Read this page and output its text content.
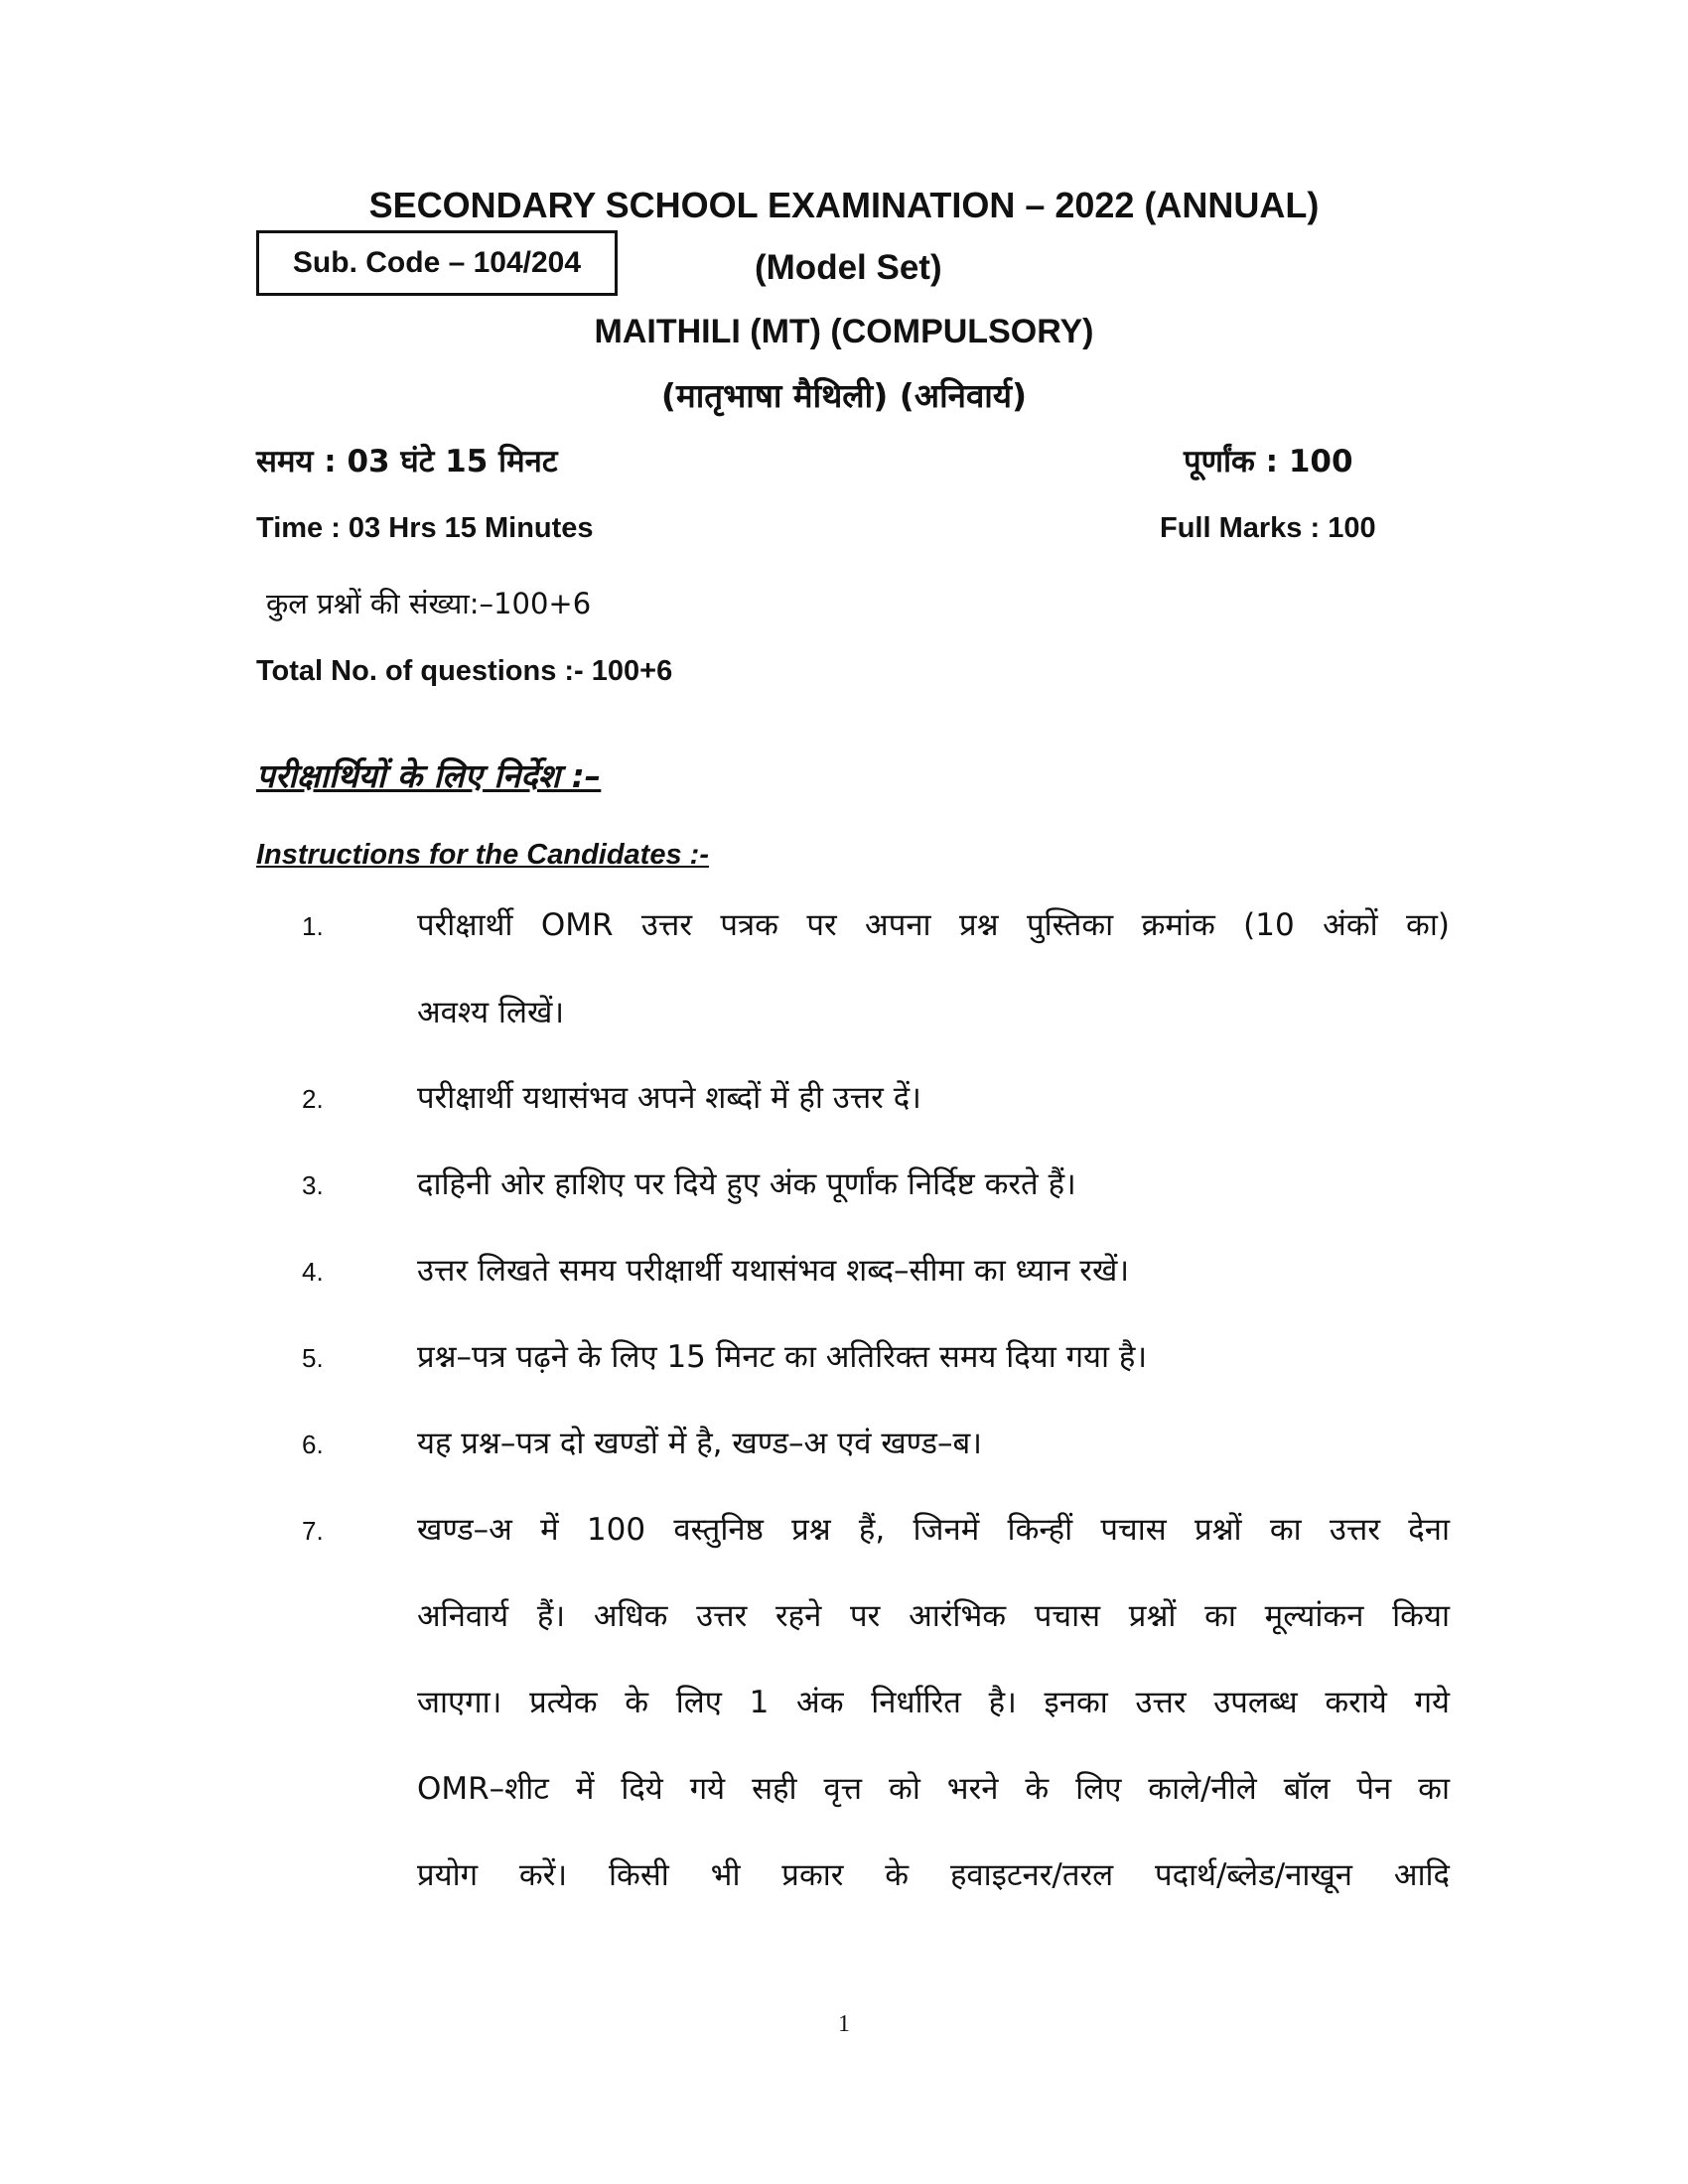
SECONDARY SCHOOL EXAMINATION – 2022 (ANNUAL)
Sub. Code – 104/204	(Model Set)
MAITHILI (MT) (COMPULSORY)
(मातृभाषा मैथिली) (अनिवार्य)
समय : 03 घंटे 15 मिनट	पूर्णांक : 100
Time : 03 Hrs 15 Minutes	Full Marks : 100
कुल प्रश्नों की संख्या:–100+6
Total No. of questions :- 100+6
परीक्षार्थियों के लिए निर्देश :–
Instructions for the Candidates :-
1.	परीक्षार्थी OMR उत्तर पत्रक पर अपना प्रश्न पुस्तिका क्रमांक (10 अंकों का)
अवश्य लिखें।
2.	परीक्षार्थी यथासंभव अपने शब्दों में ही उत्तर दें।
3.	दाहिनी ओर हाशिए पर दिये हुए अंक पूर्णांक निर्दिष्ट करते हैं।
4.	उत्तर लिखते समय परीक्षार्थी यथासंभव शब्द–सीमा का ध्यान रखें।
5.	प्रश्न–पत्र पढ़ने के लिए 15 मिनट का अतिरिक्त समय दिया गया है।
6.	यह प्रश्न–पत्र दो खण्डों में है, खण्ड–अ एवं खण्ड–ब।
7.	खण्ड–अ में 100 वस्तुनिष्ठ प्रश्न हैं, जिनमें किन्हीं पचास प्रश्नों का उत्तर देना
अनिवार्य हैं। अधिक उत्तर रहने पर आरंभिक पचास प्रश्नों का मूल्यांकन किया
जाएगा। प्रत्येक के लिए 1 अंक निर्धारित है। इनका उत्तर उपलब्ध कराये गये
OMR–शीट में दिये गये सही वृत्त को भरने के लिए काले/नीले बॉल पेन का
प्रयोग करें। किसी भी प्रकार के हवाइटनर/तरल पदार्थ/ब्लेड/नाखून आदि
1
